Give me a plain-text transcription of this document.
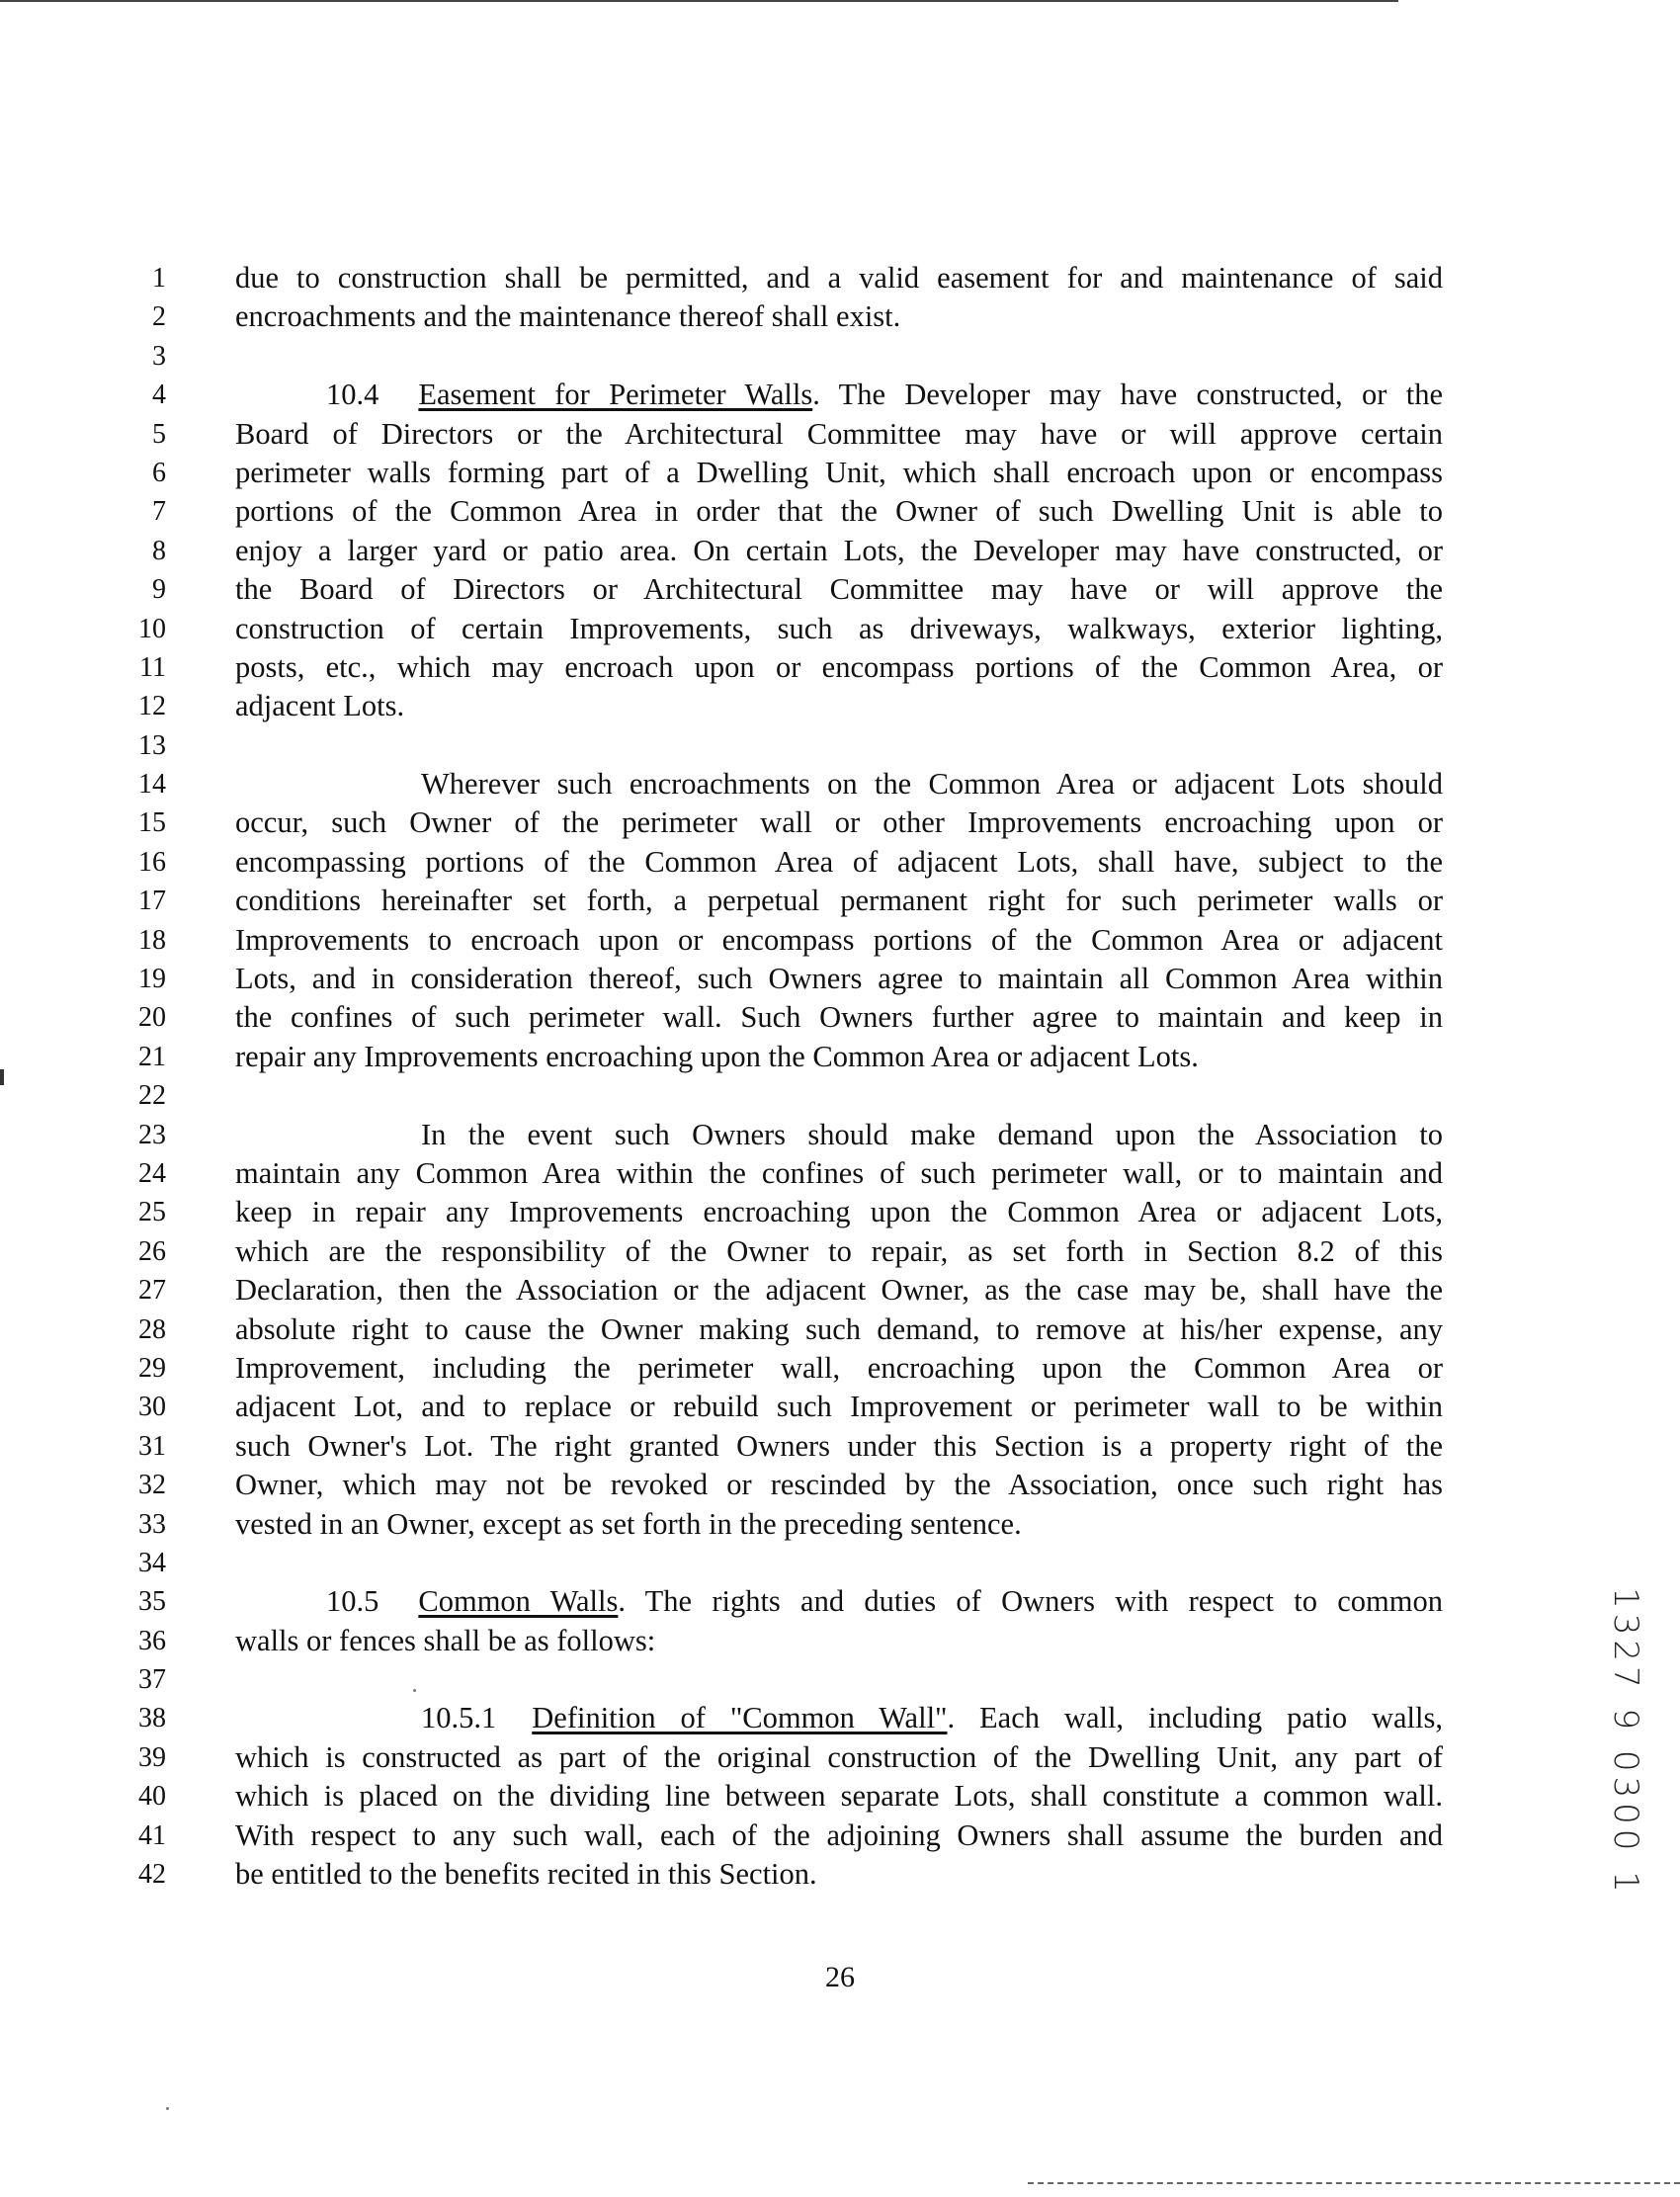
1
2
3
4
5
6
7
8
9
10
11
12
13
14
15
16
17
18
19
20
21
22
23
24
25
26
27
28
29
30
31
32
33
34
35
36
37
38
39
40
41
42
due to construction shall be permitted, and a valid easement for and maintenance of said
encroachments and the maintenance thereof shall exist.
10.4 Easement for Perimeter Walls. The Developer may have constructed, or the
Board of Directors or the Architectural Committee may have or will approve certain
perimeter walls forming part of a Dwelling Unit, which shall encroach upon or encompass
portions of the Common Area in order that the Owner of such Dwelling Unit is able to
enjoy a larger yard or patio area. On certain Lots, the Developer may have constructed, or
the Board of Directors or Architectural Committee may have or will approve the
construction of certain Improvements, such as driveways, walkways, exterior lighting,
posts, etc., which may encroach upon or encompass portions of the Common Area, or
adjacent Lots.
Wherever such encroachments on the Common Area or adjacent Lots should
occur, such Owner of the perimeter wall or other Improvements encroaching upon or
encompassing portions of the Common Area of adjacent Lots, shall have, subject to the
conditions hereinafter set forth, a perpetual permanent right for such perimeter walls or
Improvements to encroach upon or encompass portions of the Common Area or adjacent
Lots, and in consideration thereof, such Owners agree to maintain all Common Area within
the confines of such perimeter wall. Such Owners further agree to maintain and keep in
repair any Improvements encroaching upon the Common Area or adjacent Lots.
In the event such Owners should make demand upon the Association to
maintain any Common Area within the confines of such perimeter wall, or to maintain and
keep in repair any Improvements encroaching upon the Common Area or adjacent Lots,
which are the responsibility of the Owner to repair, as set forth in Section 8.2 of this
Declaration, then the Association or the adjacent Owner, as the case may be, shall have the
absolute right to cause the Owner making such demand, to remove at his/her expense, any
Improvement, including the perimeter wall, encroaching upon the Common Area or
adjacent Lot, and to replace or rebuild such Improvement or perimeter wall to be within
such Owner's Lot. The right granted Owners under this Section is a property right of the
Owner, which may not be revoked or rescinded by the Association, once such right has
vested in an Owner, except as set forth in the preceding sentence.
10.5 Common Walls. The rights and duties of Owners with respect to common
walls or fences shall be as follows:
10.5.1 Definition of "Common Wall". Each wall, including patio walls,
which is constructed as part of the original construction of the Dwelling Unit, any part of
which is placed on the dividing line between separate Lots, shall constitute a common wall.
With respect to any such wall, each of the adjoining Owners shall assume the burden and
be entitled to the benefits recited in this Section.
26
1327 9 0300 1
